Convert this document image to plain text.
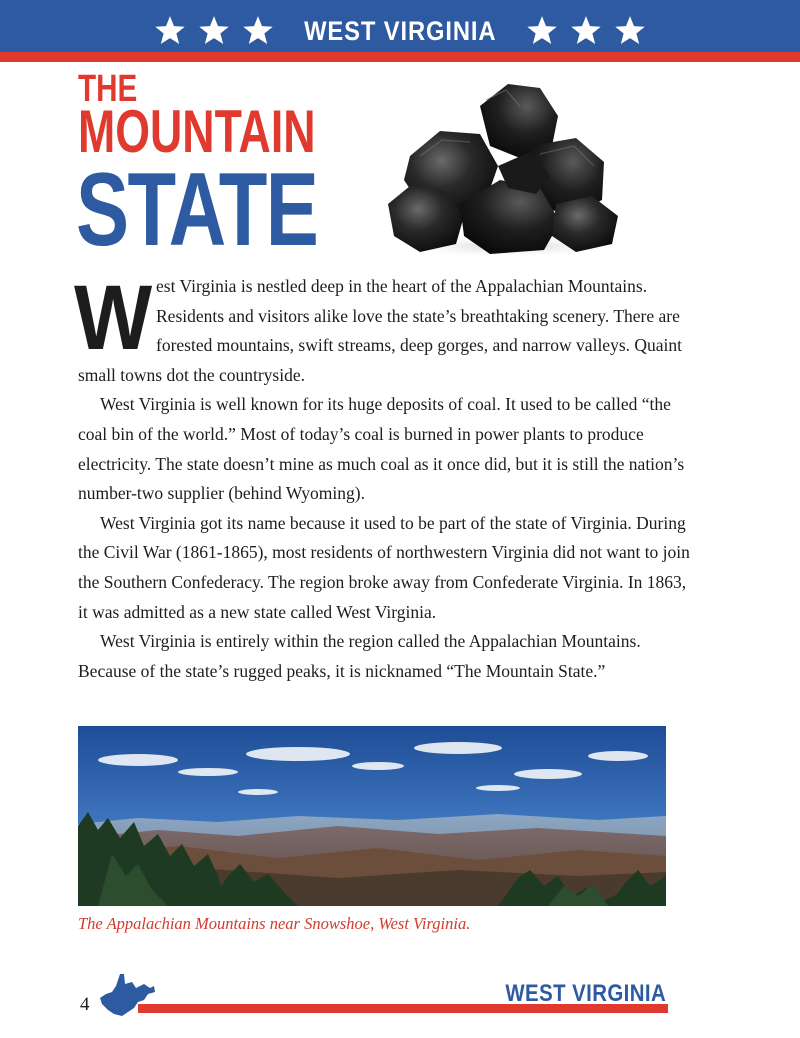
WEST VIRGINIA
THE
MOUNTAIN
STATE
West Virginia is nestled deep in the heart of the Appalachian Mountains. Residents and visitors alike love the state’s breathtaking scenery. There are forested mountains, swift streams, deep gorges, and narrow valleys. Quaint small towns dot the countryside.
West Virginia is well known for its huge deposits of coal. It used to be called “the coal bin of the world.” Most of today’s coal is burned in power plants to produce electricity. The state doesn’t mine as much coal as it once did, but it is still the nation’s number-two supplier (behind Wyoming).
West Virginia got its name because it used to be part of the state of Virginia. During the Civil War (1861-1865), most residents of northwestern Virginia did not want to join the Southern Confederacy. The region broke away from Confederate Virginia. In 1863, it was admitted as a new state called West Virginia.
West Virginia is entirely within the region called the Appalachian Mountains. Because of the state’s rugged peaks, it is nicknamed “The Mountain State.”
The Appalachian Mountains near Snowshoe, West Virginia.
4	WEST VIRGINIA
